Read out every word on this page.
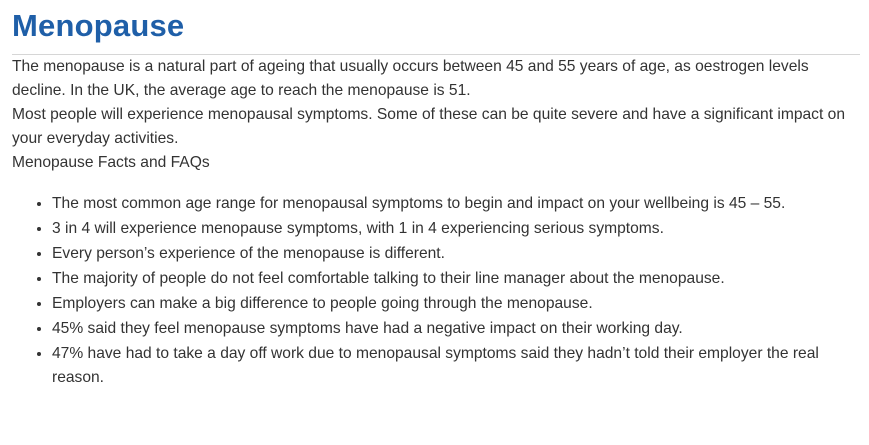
Menopause

The menopause is a natural part of ageing that usually occurs between 45 and 55 years of age, as oestrogen levels decline. In the UK, the average age to reach the menopause is 51.

Most people will experience menopausal symptoms. Some of these can be quite severe and have a significant impact on your everyday activities.

Menopause Facts and FAQs

• The most common age range for menopausal symptoms to begin and impact on your wellbeing is 45 – 55.
• 3 in 4 will experience menopause symptoms, with 1 in 4 experiencing serious symptoms.
• Every person’s experience of the menopause is different.
• The majority of people do not feel comfortable talking to their line manager about the menopause.
• Employers can make a big difference to people going through the menopause.
• 45% said they feel menopause symptoms have had a negative impact on their working day.
• 47% have had to take a day off work due to menopausal symptoms said they hadn’t told their employer the real reason.
